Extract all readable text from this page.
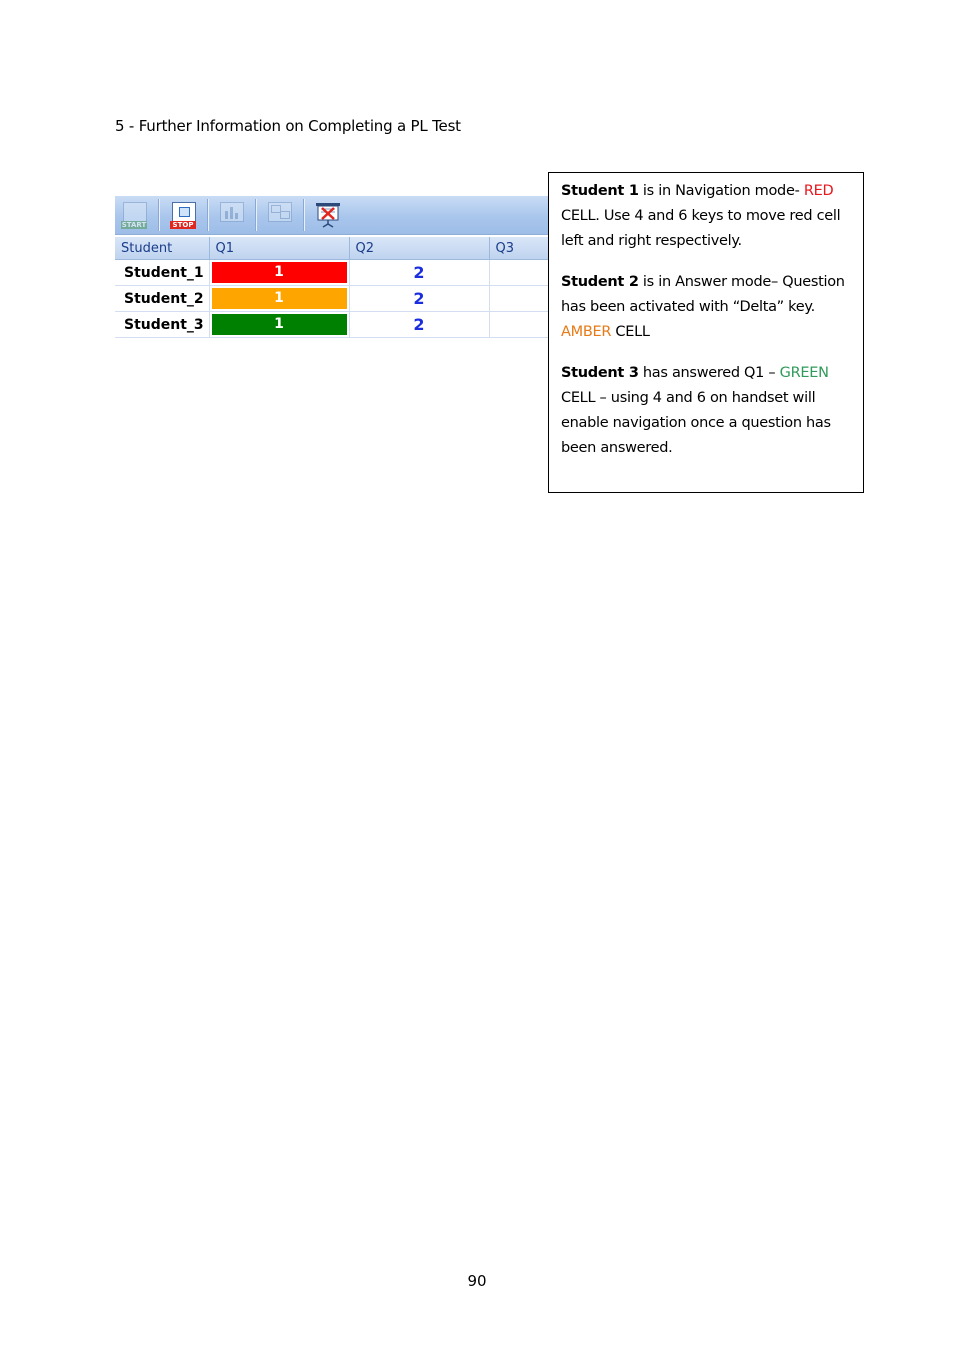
5 - Further Information on Completing a PL Test
START	STOP
Student	Q1	Q2	Q3
Student_1	1	2	
Student_2	1	2	
Student_3	1	2	

Student 1 is in Navigation mode- RED CELL. Use 4 and 6 keys to move red cell left and right respectively.

Student 2 is in Answer mode– Question has been activated with “Delta” key. AMBER CELL

Student 3 has answered Q1 – GREEN CELL – using 4 and 6 on handset will enable navigation once a question has been answered.

90
